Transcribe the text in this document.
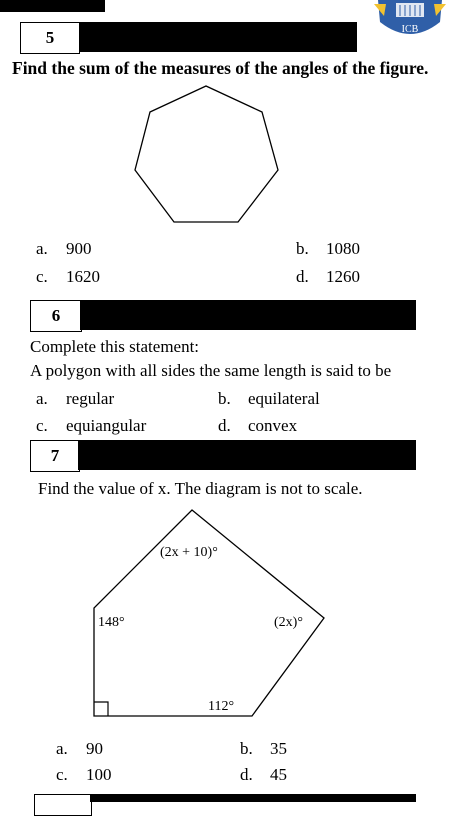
5	ICB
Find the sum of the measures of the angles of the figure.
a. 900	b. 1080
c. 1620	d. 1260
6
Complete this statement:
A polygon with all sides the same length is said to be
a. regular	b. equilateral
c. equiangular	d. convex
7
Find the value of x. The diagram is not to scale.
(2x + 10)°
148°	(2x)°
112°
a. 90	b. 35
c. 100	d. 45
